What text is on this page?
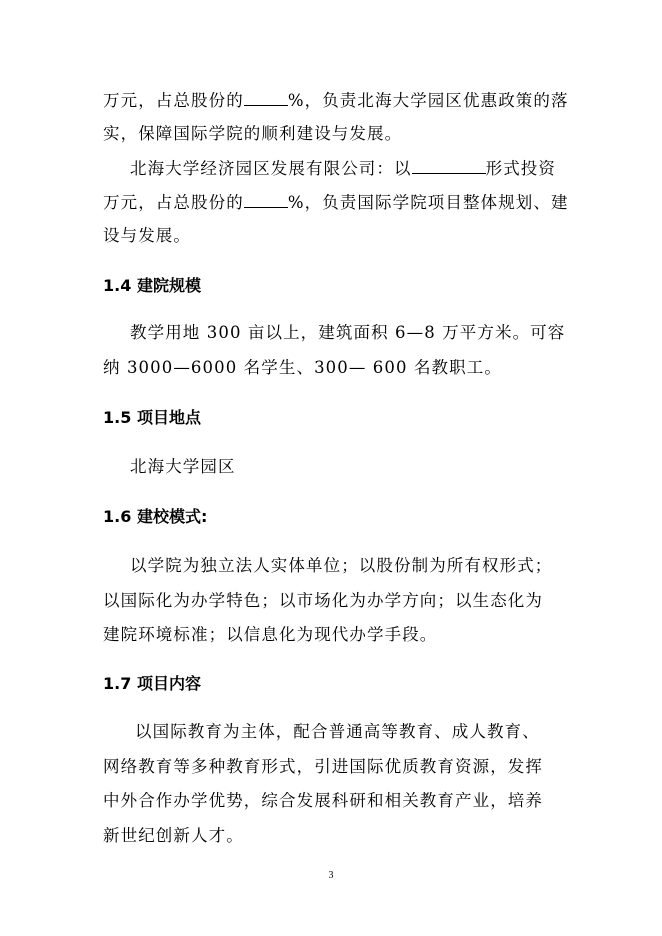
万元，占总股份的	%，负责北海大学园区优惠政策的落
实，保障国际学院的顺利建设与发展。
北海大学经济园区发展有限公司：以	形式投资
万元，占总股份的	%，负责国际学院项目整体规划、建
设与发展。
1.4 建院规模
教学用地 300 亩以上，建筑面积 6—8 万平方米。可容
纳 3000—6000 名学生、300— 600 名教职工。
1.5 项目地点
北海大学园区
1.6 建校模式:
以学院为独立法人实体单位；以股份制为所有权形式；
以国际化为办学特色；以市场化为办学方向；以生态化为
建院环境标准；以信息化为现代办学手段。
1.7 项目内容
以国际教育为主体，配合普通高等教育、成人教育、
网络教育等多种教育形式，引进国际优质教育资源，发挥
中外合作办学优势，综合发展科研和相关教育产业，培养
新世纪创新人才。
3
